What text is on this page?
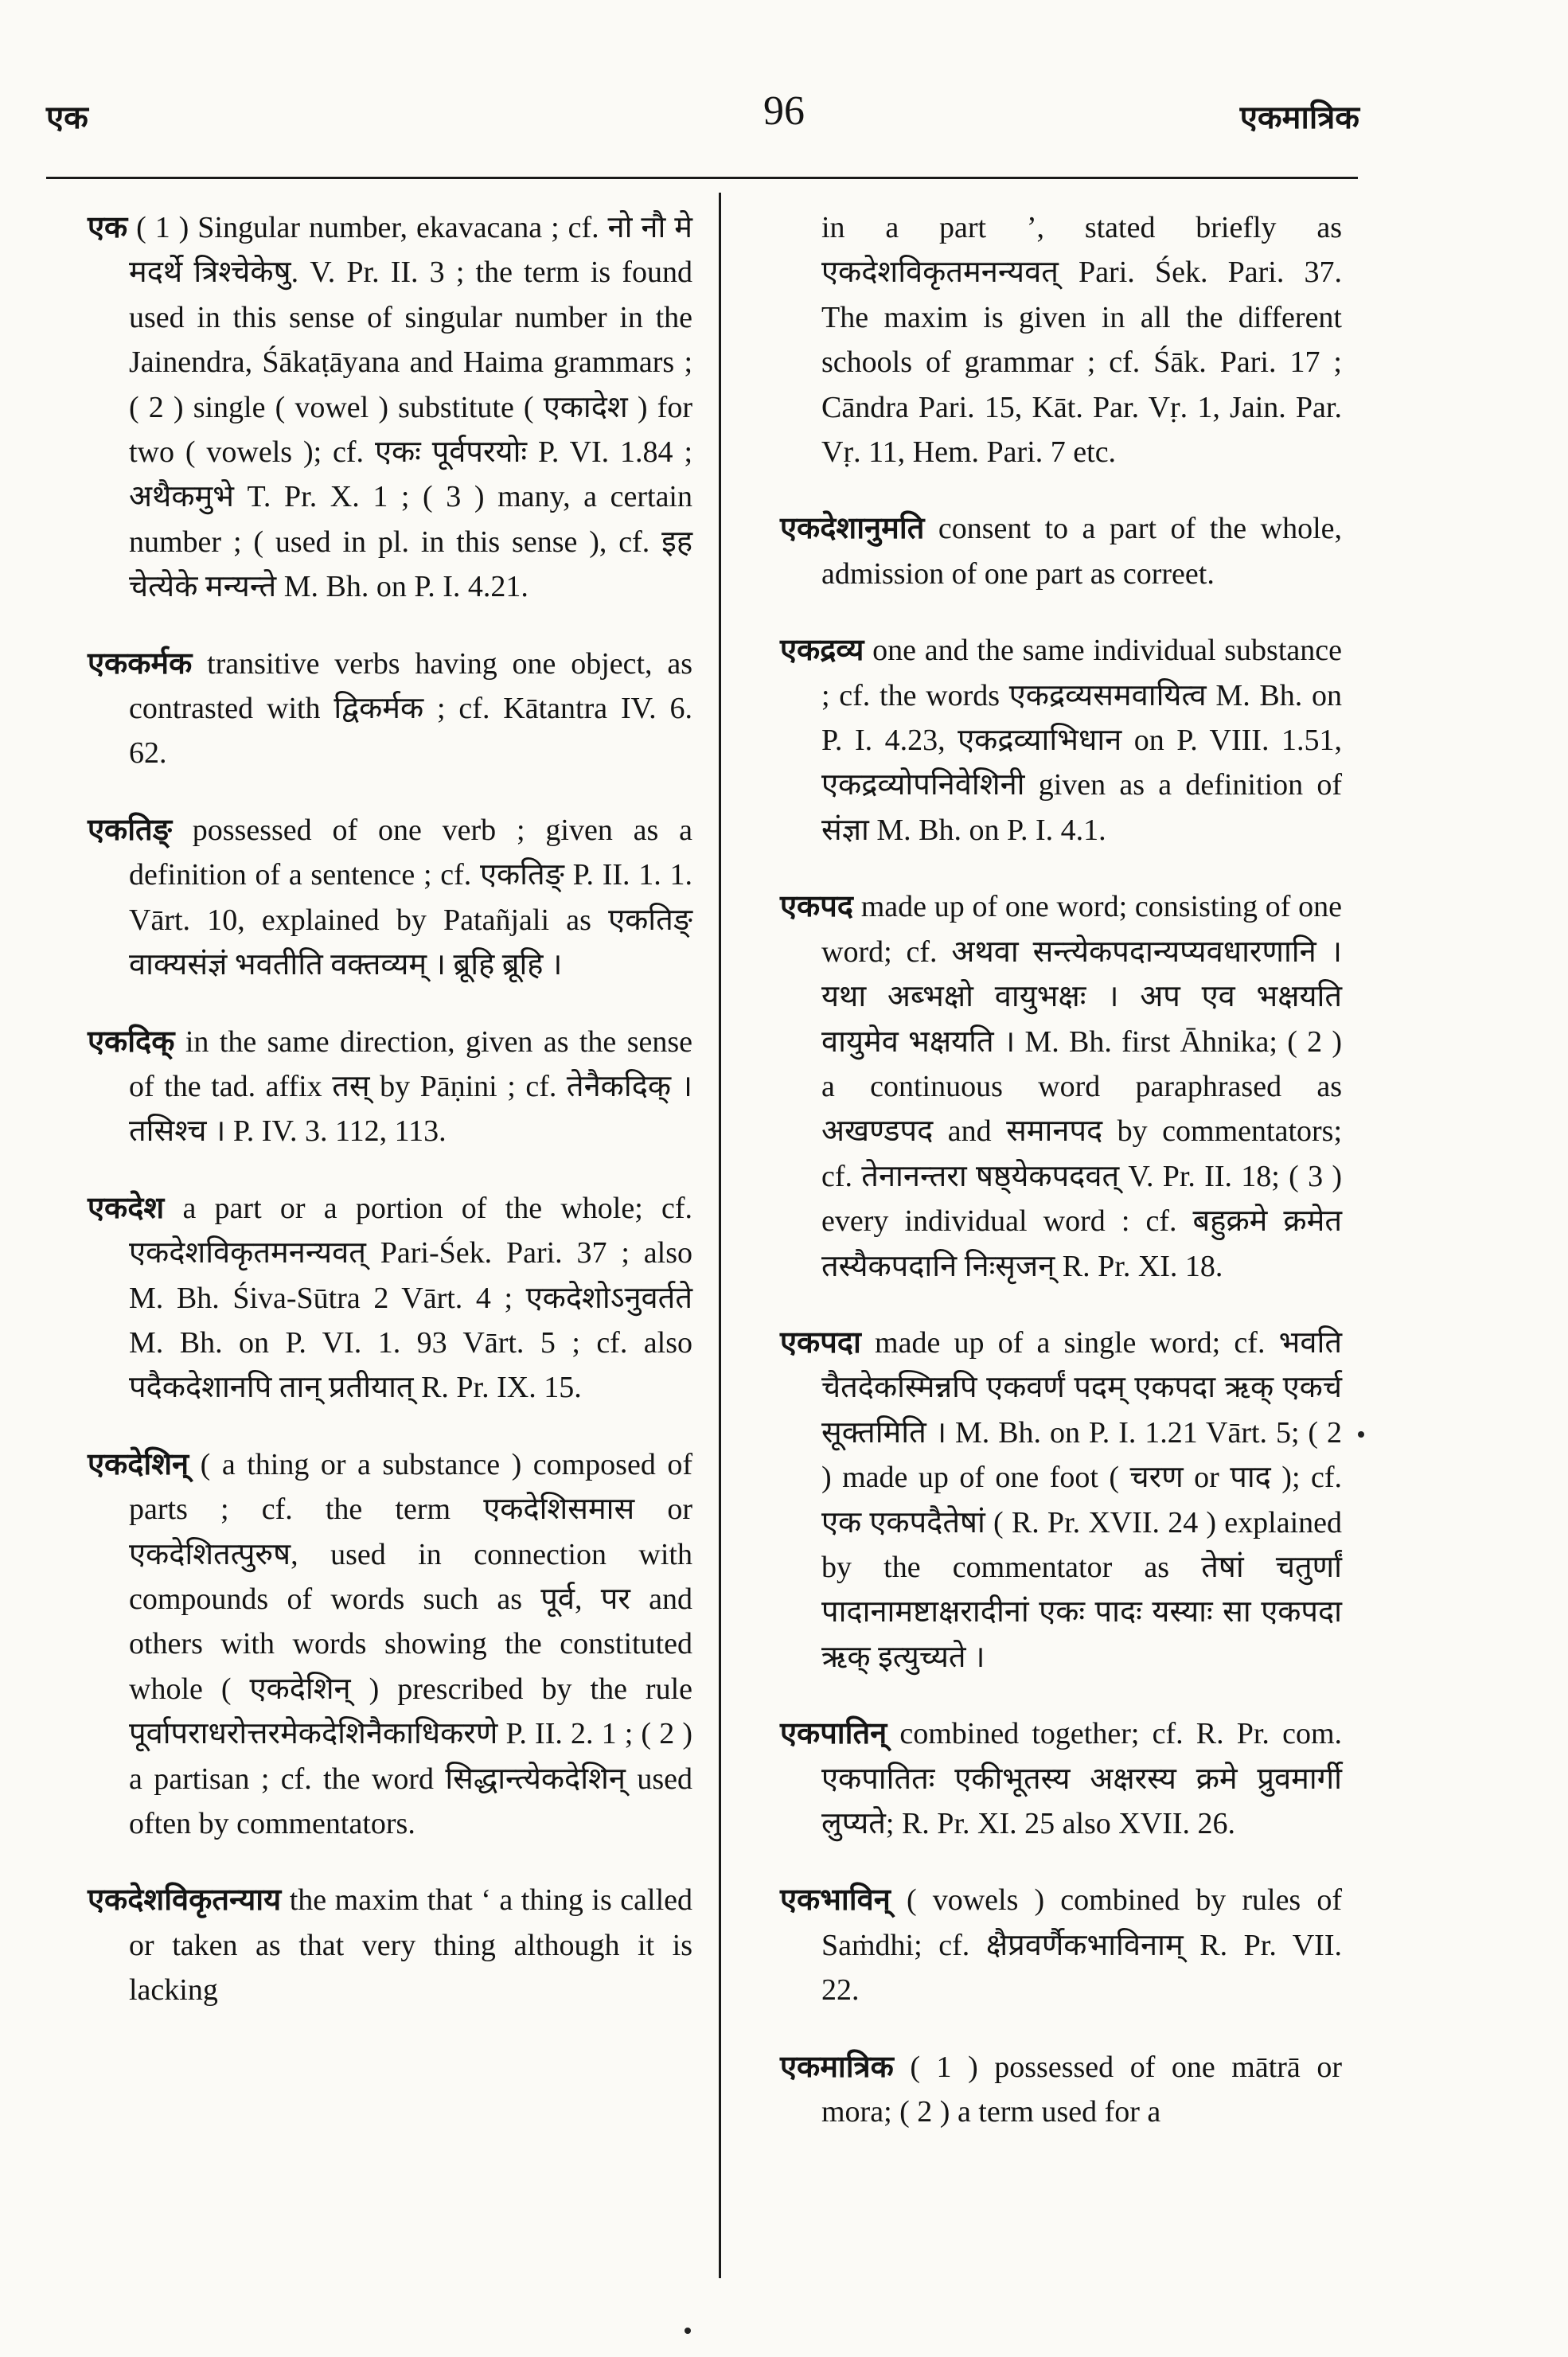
एक	96	एकमात्रिक

एक ( 1 ) Singular number, ekavacana ; cf. नो नौ मे मदर्थे त्रिश्चेकेषु. V. Pr. II. 3 ; the term is found used in this sense of singular number in the Jainendra, Śākaṭāyana and Haima grammars ; ( 2 ) single ( vowel ) substitute ( एकादेश ) for two ( vowels ); cf. एकः पूर्वपरयोः P. VI. 1.84 ; अथैकमुभे T. Pr. X. 1 ; ( 3 ) many, a certain number ; ( used in pl. in this sense ), cf. इह चेत्येके मन्यन्ते M. Bh. on P. I. 4.21.

एककर्मक transitive verbs having one object, as contrasted with द्विकर्मक ; cf. Kātantra IV. 6. 62.

एकतिङ् possessed of one verb ; given as a definition of a sentence ; cf. एकतिङ् P. II. 1. 1. Vārt. 10, explained by Patañjali as एकतिङ् वाक्यसंज्ञं भवतीति वक्तव्यम् । ब्रूहि ब्रूहि ।

एकदिक् in the same direction, given as the sense of the tad. affix तस् by Pāṇini ; cf. तेनैकदिक् । तसिश्च । P. IV. 3. 112, 113.

एकदेश a part or a portion of the whole; cf. एकदेशविकृतमनन्यवत् Pari-Śek. Pari. 37 ; also M. Bh. Śiva-Sūtra 2 Vārt. 4 ; एकदेशोऽनुवर्तते M. Bh. on P. VI. 1. 93 Vārt. 5 ; cf. also पदैकदेशानपि तान् प्रतीयात् R. Pr. IX. 15.

एकदेशिन् ( a thing or a substance ) composed of parts ; cf. the term एकदेशिसमास or एकदेशितत्पुरुष, used in connection with compounds of words such as पूर्व, पर and others with words showing the constituted whole ( एकदेशिन् ) prescribed by the rule पूर्वापराधरोत्तरमेकदेशिनैकाधिकरणे P. II. 2. 1 ; ( 2 ) a partisan ; cf. the word सिद्धान्त्येकदेशिन् used often by commentators.

एकदेशविकृतन्याय the maxim that ‘ a thing is called or taken as that very thing although it is lacking

in a part ’, stated briefly as एकदेशविकृतमनन्यवत् Pari. Śek. Pari. 37. The maxim is given in all the different schools of grammar ; cf. Śāk. Pari. 17 ; Cāndra Pari. 15, Kāt. Par. Vṛ. 1, Jain. Par. Vṛ. 11, Hem. Pari. 7 etc.

एकदेशानुमति consent to a part of the whole, admission of one part as correet.

एकद्रव्य one and the same individual substance ; cf. the words एकद्रव्यसमवायित्व M. Bh. on P. I. 4.23, एकद्रव्याभिधान on P. VIII. 1.51, एकद्रव्योपनिवेशिनी given as a definition of संज्ञा M. Bh. on P. I. 4.1.

एकपद made up of one word; consisting of one word; cf. अथवा सन्त्येकपदान्यप्यवधारणानि । यथा अब्भक्षो वायुभक्षः । अप एव भक्षयति वायुमेव भक्षयति । M. Bh. first Āhnika; ( 2 ) a continuous word paraphrased as अखण्डपद and समानपद by commentators; cf. तेनानन्तरा षष्ठ्येकपदवत् V. Pr. II. 18; ( 3 ) every individual word : cf. बहुक्रमे क्रमेत तस्यैकपदानि निःसृजन् R. Pr. XI. 18.

एकपदा made up of a single word; cf. भवति चैतदेकस्मिन्नपि एकवर्णं पदम् एकपदा ऋक् एकर्च सूक्तमिति । M. Bh. on P. I. 1.21 Vārt. 5; ( 2 ) made up of one foot ( चरण or पाद ); cf. एक एकपदैतेषां ( R. Pr. XVII. 24 ) explained by the commentator as तेषां चतुर्णां पादानामष्टाक्षरादीनां एकः पादः यस्याः सा एकपदा ऋक् इत्युच्यते ।

एकपातिन् combined together; cf. R. Pr. com. एकपातितः एकीभूतस्य अक्षरस्य क्रमे प्रुवमार्गी लुप्यते; R. Pr. XI. 25 also XVII. 26.

एकभाविन् ( vowels ) combined by rules of Saṁdhi; cf. क्षैप्रवर्णैकभाविनाम् R. Pr. VII. 22.

एकमात्रिक ( 1 ) possessed of one mātrā or mora; ( 2 ) a term used for a
